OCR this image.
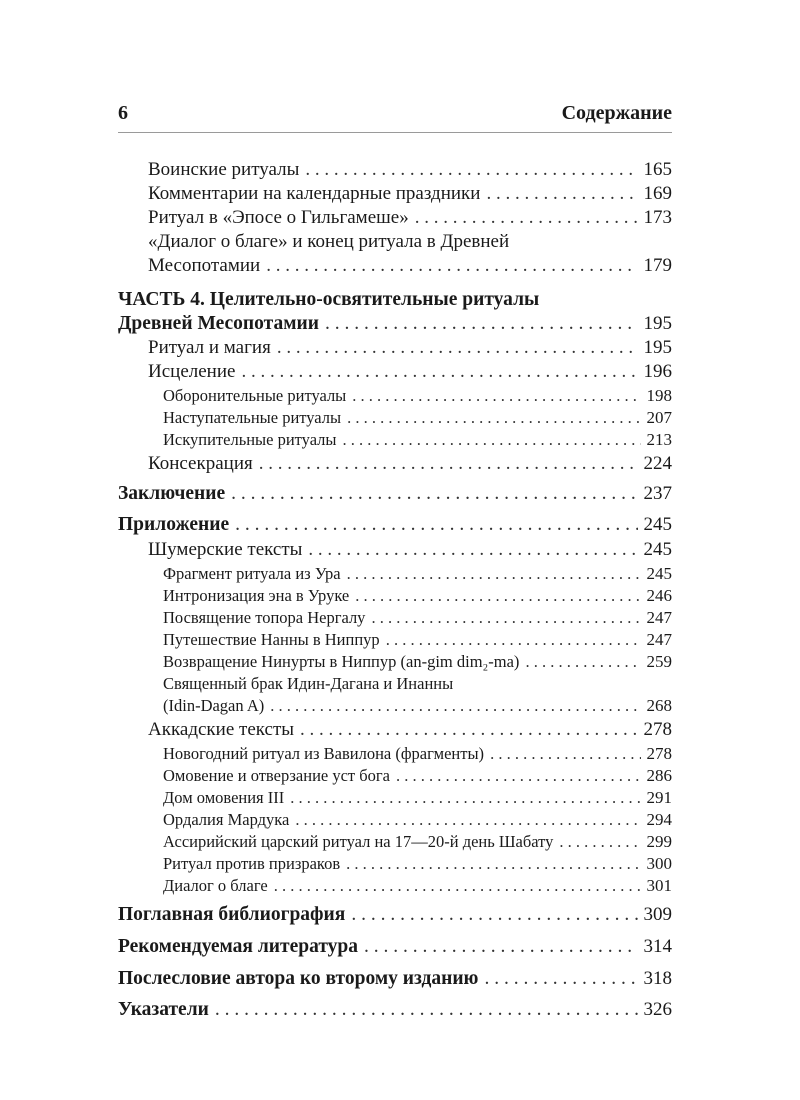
6	Содержание
Воинские ритуалы . . .	165
Комментарии на календарные праздники . . .	169
Ритуал в «Эпосе о Гильгамеше» . . .	173
«Диалог о благе» и конец ритуала в Древней
Месопотамии . . .	179
ЧАСТЬ 4. Целительно-освятительные ритуалы
Древней Месопотамии . . .	195
Ритуал и магия . . .	195
Исцеление . . .	196
Оборонительные ритуалы . . .	198
Наступательные ритуалы . . .	207
Искупительные ритуалы . . .	213
Консекрация . . .	224
Заключение . . .	237
Приложение . . .	245
Шумерские тексты . . .	245
Фрагмент ритуала из Ура . . .	245
Интронизация эна в Уруке . . .	246
Посвящение топора Нергалу . . .	247
Путешествие Нанны в Ниппур . . .	247
Возвращение Нинурты в Ниппур (an-gim dim₂-ma) . . .	259
Священный брак Идин-Дагана и Инанны
(Idin-Dagan A) . . .	268
Аккадские тексты . . .	278
Новогодний ритуал из Вавилона (фрагменты) . . .	278
Омовение и отверзание уст бога . . .	286
Дом омовения III . . .	291
Ордалия Мардука . . .	294
Ассирийский царский ритуал на 17—20-й день Шабату . . .	299
Ритуал против призраков . . .	300
Диалог о благе . . .	301
Поглавная библиография . . .	309
Рекомендуемая литература . . .	314
Послесловие автора ко второму изданию . . .	318
Указатели . . .	326
